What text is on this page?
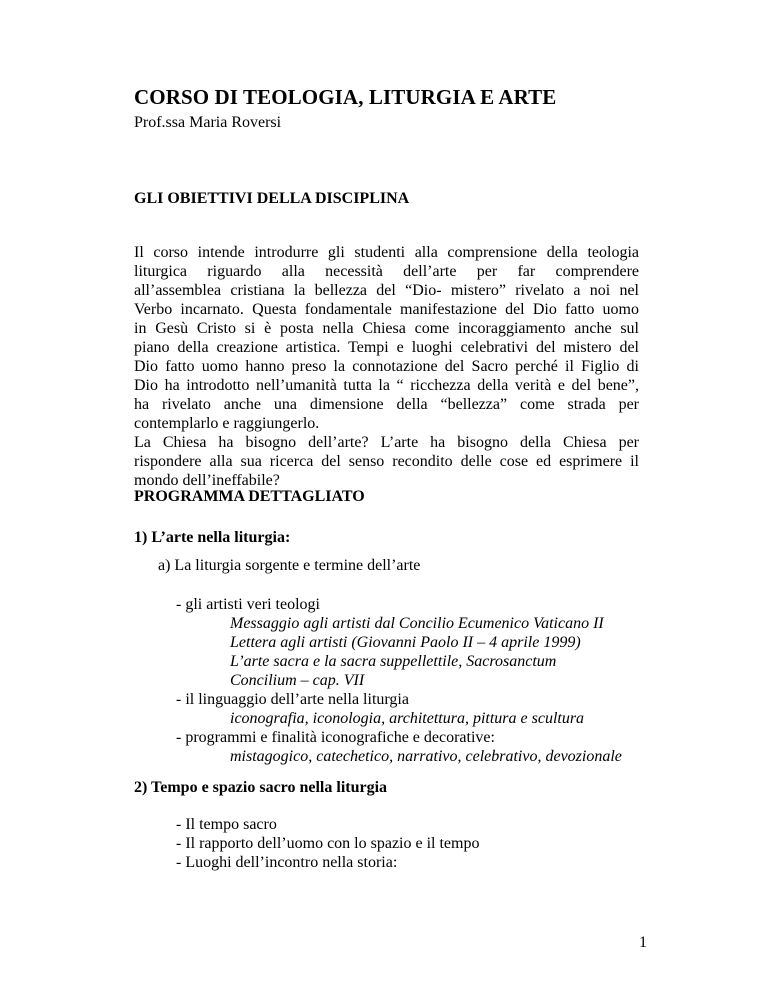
CORSO DI TEOLOGIA, LITURGIA E ARTE
Prof.ssa Maria Roversi
GLI OBIETTIVI DELLA DISCIPLINA
Il corso intende introdurre gli studenti alla comprensione della teologia
liturgica riguardo alla necessità dell’arte per far comprendere
all’assemblea cristiana la bellezza del “Dio- mistero” rivelato a noi nel
Verbo incarnato. Questa fondamentale manifestazione del Dio fatto uomo
in Gesù Cristo si è posta nella Chiesa come incoraggiamento anche sul
piano della creazione artistica. Tempi e luoghi celebrativi del mistero del
Dio fatto uomo hanno preso la connotazione del Sacro perché il Figlio di
Dio ha introdotto nell’umanità tutta la “ ricchezza della verità e del bene”,
ha rivelato anche una dimensione della “bellezza” come strada per
contemplarlo e raggiungerlo.
La Chiesa ha bisogno dell’arte? L’arte ha bisogno della Chiesa per
rispondere alla sua ricerca del senso recondito delle cose ed esprimere il
mondo dell’ineffabile?
PROGRAMMA DETTAGLIATO
1) L’arte nella liturgia:
a) La liturgia sorgente e termine dell’arte
- gli artisti veri teologi
Messaggio agli artisti dal Concilio Ecumenico Vaticano II
Lettera agli artisti (Giovanni Paolo II – 4 aprile 1999)
L’arte sacra e la sacra suppellettile, Sacrosanctum
Concilium – cap. VII
- il linguaggio dell’arte nella liturgia
iconografia, iconologia, architettura, pittura e scultura
- programmi e finalità iconografiche e decorative:
mistagogico, catechetico, narrativo, celebrativo, devozionale
2) Tempo e spazio sacro nella liturgia
- Il tempo sacro
- Il rapporto dell’uomo con lo spazio e il tempo
- Luoghi dell’incontro nella storia:
1
